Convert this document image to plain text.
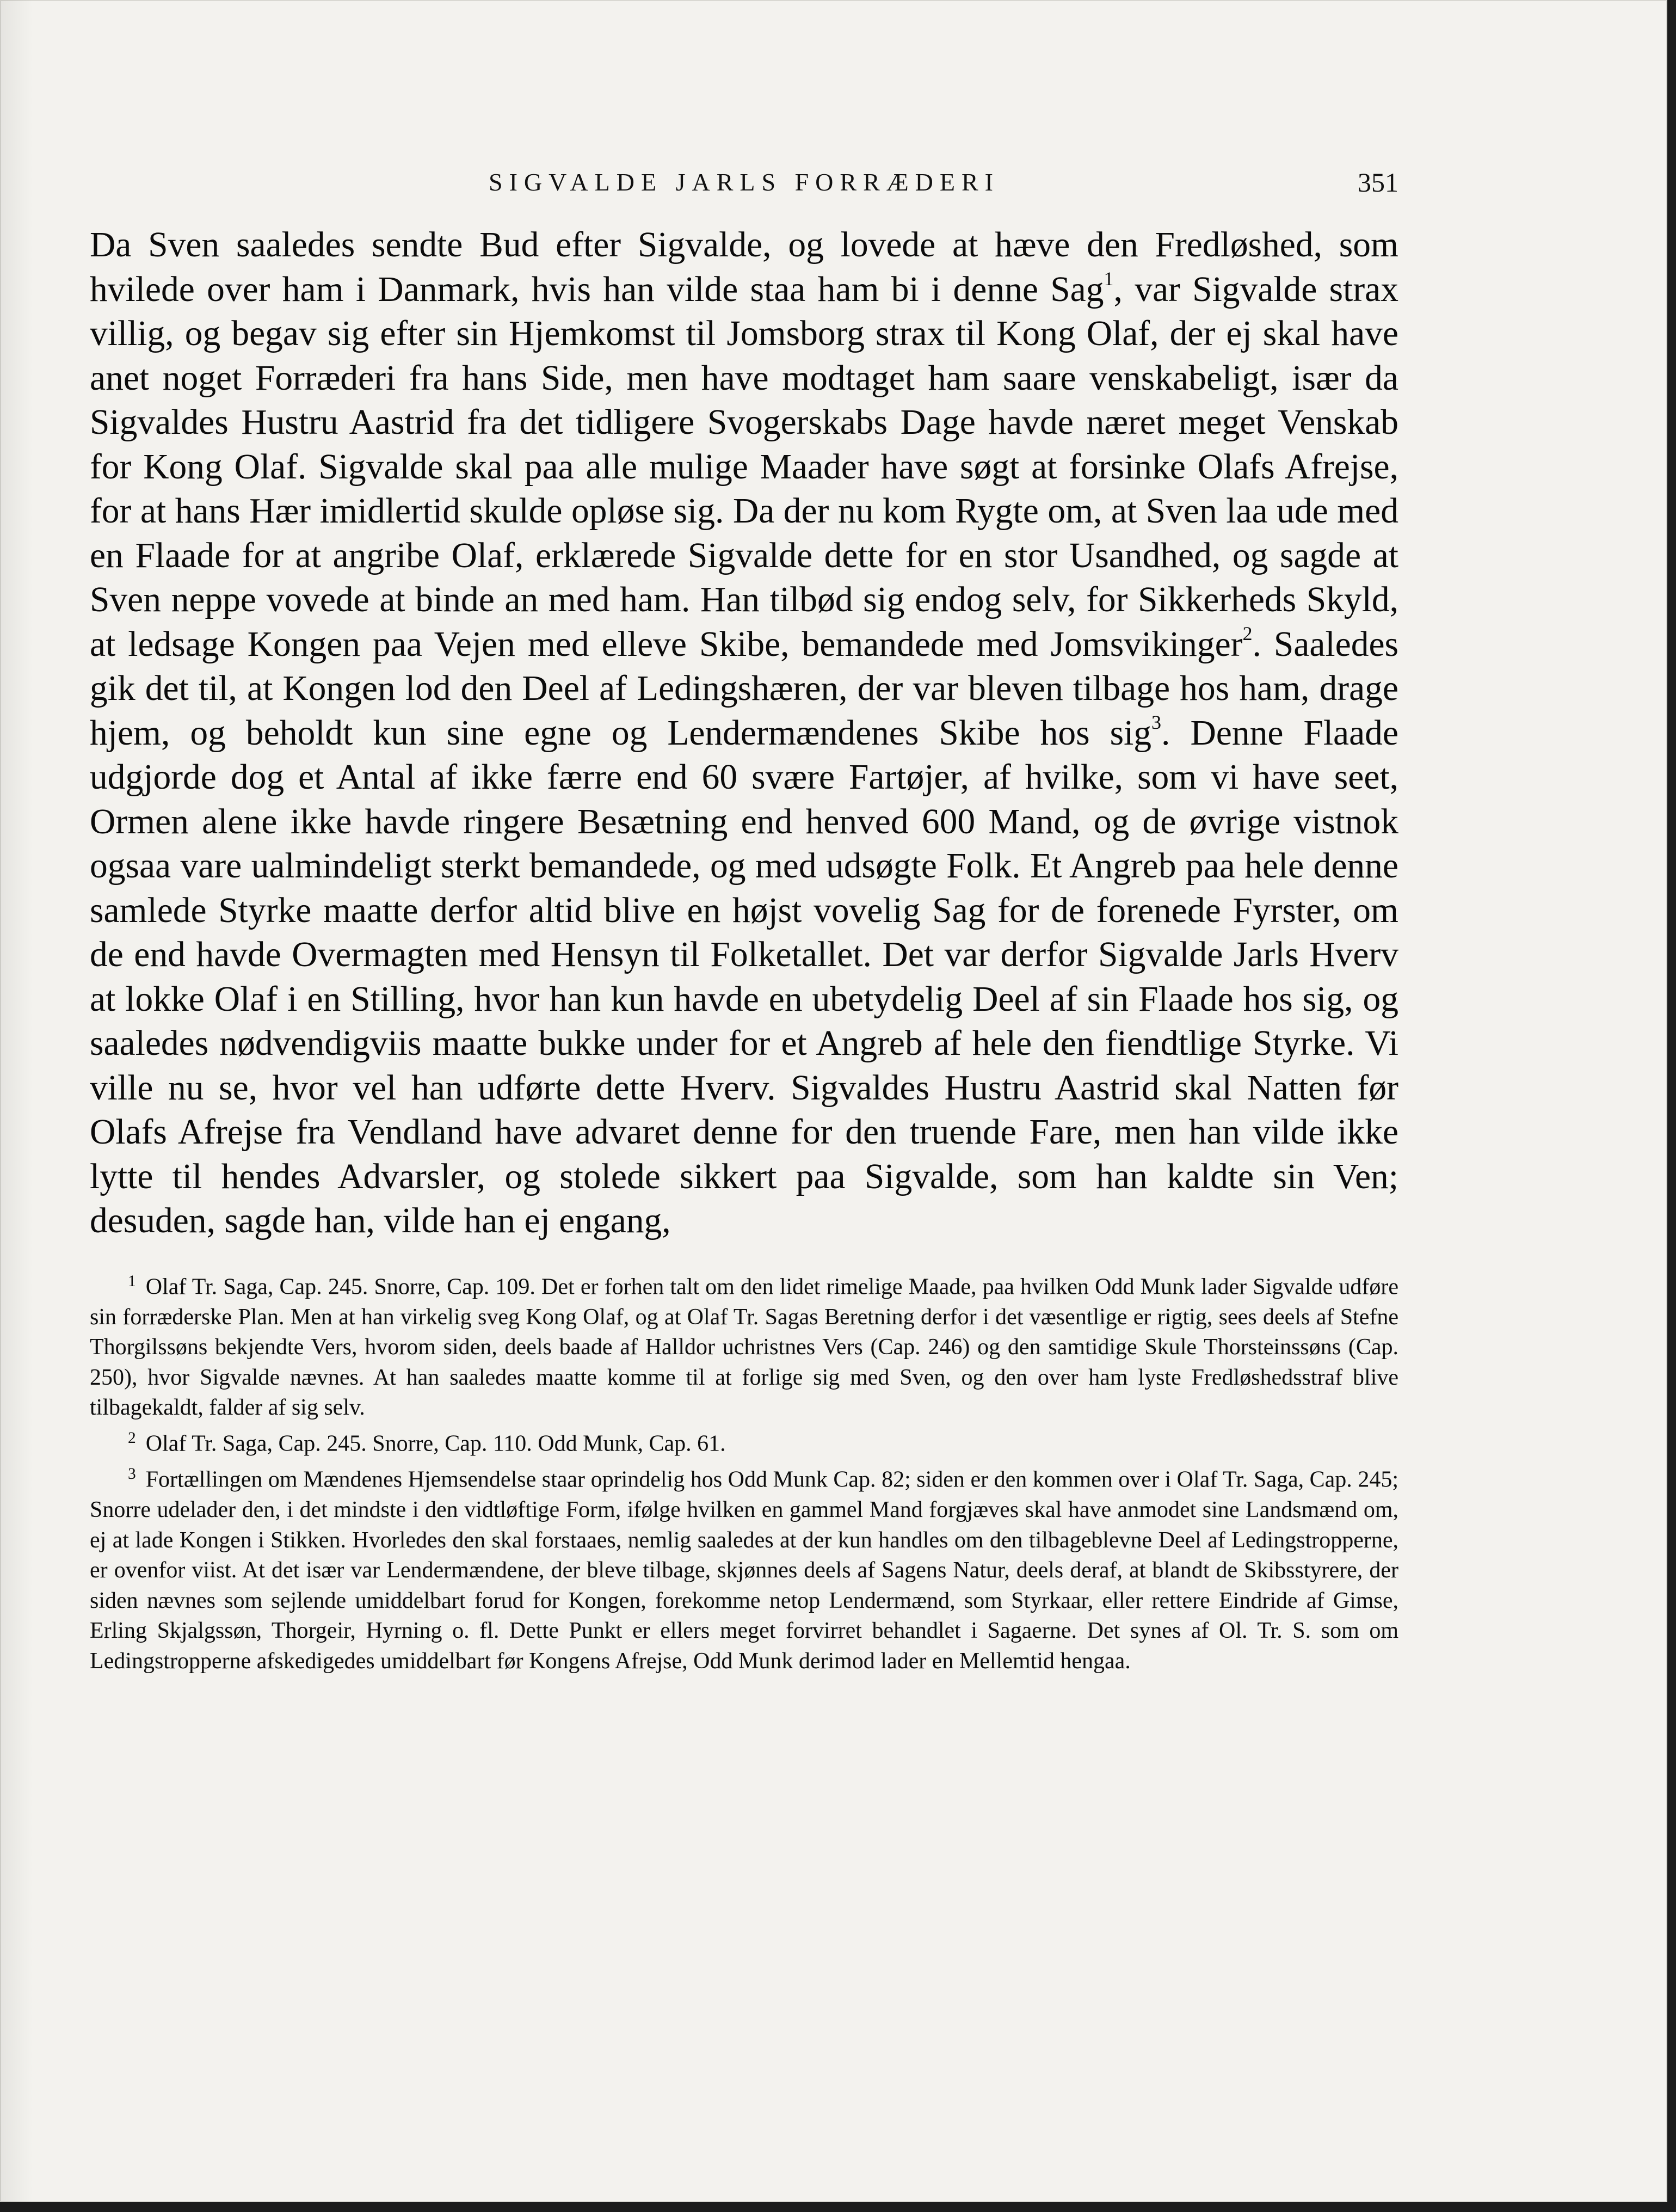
SIGVALDE JARLS FORRÆDERI	351

Da Sven saaledes sendte Bud efter Sigvalde, og lovede at hæve den Fredløshed, som hvilede over ham i Danmark, hvis han vilde staa ham bi i denne Sag$^1$, var Sigvalde strax villig, og begav sig efter sin Hjemkomst til Jomsborg strax til Kong Olaf, der ej skal have anet noget Forræderi fra hans Side, men have modtaget ham saare venskabeligt, især da Sigvaldes Hustru Aastrid fra det tidligere Svogerskabs Dage havde næret meget Venskab for Kong Olaf. Sigvalde skal paa alle mulige Maader have søgt at forsinke Olafs Afrejse, for at hans Hær imidlertid skulde opløse sig. Da der nu kom Rygte om, at Sven laa ude med en Flaade for at angribe Olaf, erklærede Sigvalde dette for en stor Usandhed, og sagde at Sven neppe vovede at binde an med ham. Han tilbød sig endog selv, for Sikkerheds Skyld, at ledsage Kongen paa Vejen med elleve Skibe, bemandede med Jomsvikinger$^2$. Saaledes gik det til, at Kongen lod den Deel af Ledingshæren, der var bleven tilbage hos ham, drage hjem, og beholdt kun sine egne og Lendermændenes Skibe hos sig$^3$. Denne Flaade udgjorde dog et Antal af ikke færre end 60 svære Fartøjer, af hvilke, som vi have seet, Ormen alene ikke havde ringere Besætning end henved 600 Mand, og de øvrige vistnok ogsaa vare ualmindeligt sterkt bemandede, og med udsøgte Folk. Et Angreb paa hele denne samlede Styrke maatte derfor altid blive en højst vovelig Sag for de forenede Fyrster, om de end havde Overmagten med Hensyn til Folketallet. Det var derfor Sigvalde Jarls Hverv at lokke Olaf i en Stilling, hvor han kun havde en ubetydelig Deel af sin Flaade hos sig, og saaledes nødvendigviis maatte bukke under for et Angreb af hele den fiendtlige Styrke. Vi ville nu se, hvor vel han udførte dette Hverv. Sigvaldes Hustru Aastrid skal Natten før Olafs Afrejse fra Vendland have advaret denne for den truende Fare, men han vilde ikke lytte til hendes Advarsler, og stolede sikkert paa Sigvalde, som han kaldte sin Ven; desuden, sagde han, vilde han ej engang,

1 Olaf Tr. Saga, Cap. 245. Snorre, Cap. 109. Det er forhen talt om den lidet rimelige Maade, paa hvilken Odd Munk lader Sigvalde udføre sin forræderske Plan. Men at han virkelig sveg Kong Olaf, og at Olaf Tr. Sagas Beretning derfor i det væsentlige er rigtig, sees deels af Stefne Thorgilssøns bekjendte Vers, hvorom siden, deels baade af Halldor uchristnes Vers (Cap. 246) og den samtidige Skule Thorsteinssøns (Cap. 250), hvor Sigvalde nævnes. At han saaledes maatte komme til at forlige sig med Sven, og den over ham lyste Fredløshedsstraf blive tilbagekaldt, falder af sig selv.

2 Olaf Tr. Saga, Cap. 245. Snorre, Cap. 110. Odd Munk, Cap. 61.

3 Fortællingen om Mændenes Hjemsendelse staar oprindelig hos Odd Munk Cap. 82; siden er den kommen over i Olaf Tr. Saga, Cap. 245; Snorre udelader den, i det mindste i den vidtløftige Form, ifølge hvilken en gammel Mand forgjæves skal have anmodet sine Landsmænd om, ej at lade Kongen i Stikken. Hvorledes den skal forstaaes, nemlig saaledes at der kun handles om den tilbageblevne Deel af Ledingstropperne, er ovenfor viist. At det især var Lendermændene, der bleve tilbage, skjønnes deels af Sagens Natur, deels deraf, at blandt de Skibsstyrere, der siden nævnes som sejlende umiddelbart forud for Kongen, forekomme netop Lendermænd, som Styrkaar, eller rettere Eindride af Gimse, Erling Skjalgssøn, Thorgeir, Hyrning o. fl. Dette Punkt er ellers meget forvirret behandlet i Sagaerne. Det synes af Ol. Tr. S. som om Ledingstropperne afskedigedes umiddelbart før Kongens Afrejse, Odd Munk derimod lader en Mellemtid hengaa.
